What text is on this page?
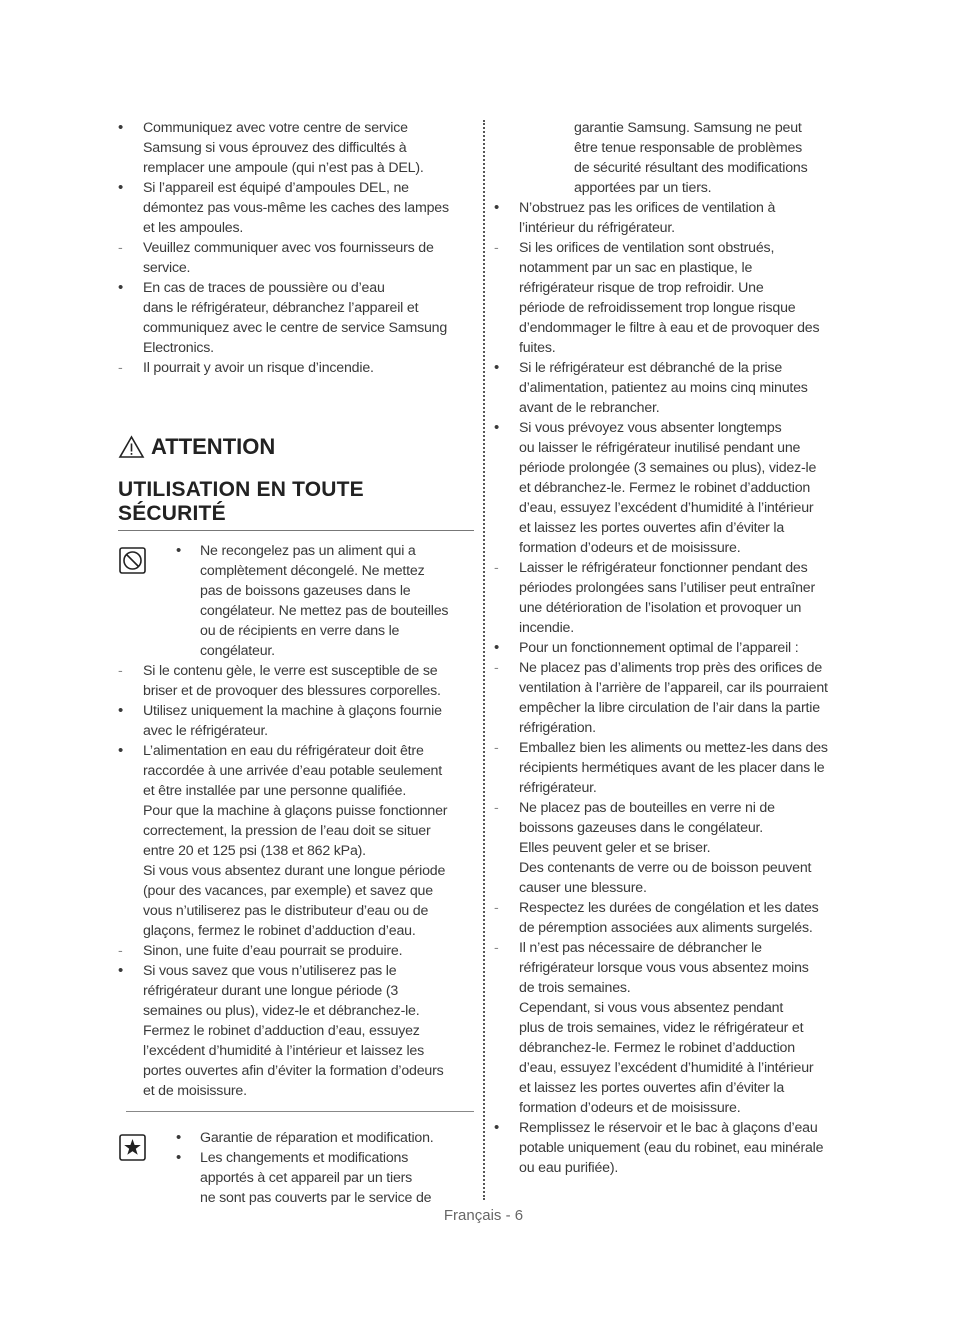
•
Communiquez avec votre centre de service
Samsung si vous éprouvez des difficultés à
remplacer une ampoule (qui n’est pas à DEL).
•
Si l’appareil est équipé d’ampoules DEL, ne
démontez pas vous-même les caches des lampes
et les ampoules.
-
Veuillez communiquer avec vos fournisseurs de
service.
•
En cas de traces de poussière ou d’eau
dans le réfrigérateur, débranchez l’appareil et
communiquez avec le centre de service Samsung
Electronics.
-
Il pourrait y avoir un risque d’incendie.
ATTENTION
UTILISATION EN TOUTE SÉCURITÉ
•
Ne recongelez pas un aliment qui a
complètement décongelé. Ne mettez
pas de boissons gazeuses dans le
congélateur. Ne mettez pas de bouteilles
ou de récipients en verre dans le
congélateur.
-
Si le contenu gèle, le verre est susceptible de se
briser et de provoquer des blessures corporelles.
•
Utilisez uniquement la machine à glaçons fournie
avec le réfrigérateur.
•
L’alimentation en eau du réfrigérateur doit être
raccordée à une arrivée d’eau potable seulement
et être installée par une personne qualifiée.
Pour que la machine à glaçons puisse fonctionner
correctement, la pression de l’eau doit se situer
entre 20 et 125 psi (138 et 862 kPa).
Si vous vous absentez durant une longue période
(pour des vacances, par exemple) et savez que
vous n’utiliserez pas le distributeur d’eau ou de
glaçons, fermez le robinet d’adduction d’eau.
-
Sinon, une fuite d’eau pourrait se produire.
•
Si vous savez que vous n’utiliserez pas le
réfrigérateur durant une longue période (3
semaines ou plus), videz-le et débranchez-le.
Fermez le robinet d’adduction d’eau, essuyez
l’excédent d’humidité à l’intérieur et laissez les
portes ouvertes afin d’éviter la formation d’odeurs
et de moisissure.
•
Garantie de réparation et modification.
•
Les changements et modifications
apportés à cet appareil par un tiers
ne sont pas couverts par le service de
garantie Samsung. Samsung ne peut
être tenue responsable de problèmes
de sécurité résultant des modifications
apportées par un tiers.
•
N’obstruez pas les orifices de ventilation à
l’intérieur du réfrigérateur.
-
Si les orifices de ventilation sont obstrués,
notamment par un sac en plastique, le
réfrigérateur risque de trop refroidir. Une
période de refroidissement trop longue risque
d’endommager le filtre à eau et de provoquer des
fuites.
•
Si le réfrigérateur est débranché de la prise
d’alimentation, patientez au moins cinq minutes
avant de le rebrancher.
•
Si vous prévoyez vous absenter longtemps
ou laisser le réfrigérateur inutilisé pendant une
période prolongée (3 semaines ou plus), videz-le
et débranchez-le. Fermez le robinet d’adduction
d’eau, essuyez l’excédent d’humidité à l’intérieur
et laissez les portes ouvertes afin d’éviter la
formation d’odeurs et de moisissure.
-
Laisser le réfrigérateur fonctionner pendant des
périodes prolongées sans l’utiliser peut entraîner
une détérioration de l’isolation et provoquer un
incendie.
•
Pour un fonctionnement optimal de l’appareil :
-
Ne placez pas d’aliments trop près des orifices de
ventilation à l’arrière de l’appareil, car ils pourraient
empêcher la libre circulation de l’air dans la partie
réfrigération.
-
Emballez bien les aliments ou mettez-les dans des
récipients hermétiques avant de les placer dans le
réfrigérateur.
-
Ne placez pas de bouteilles en verre ni de
boissons gazeuses dans le congélateur.
Elles peuvent geler et se briser.
Des contenants de verre ou de boisson peuvent
causer une blessure.
-
Respectez les durées de congélation et les dates
de péremption associées aux aliments surgelés.
-
Il n’est pas nécessaire de débrancher le
réfrigérateur lorsque vous vous absentez moins
de trois semaines.
Cependant, si vous vous absentez pendant
plus de trois semaines, videz le réfrigérateur et
débranchez-le. Fermez le robinet d’adduction
d’eau, essuyez l’excédent d’humidité à l’intérieur
et laissez les portes ouvertes afin d’éviter la
formation d’odeurs et de moisissure.
•
Remplissez le réservoir et le bac à glaçons d’eau
potable uniquement (eau du robinet, eau minérale
ou eau purifiée).
Français - 6
